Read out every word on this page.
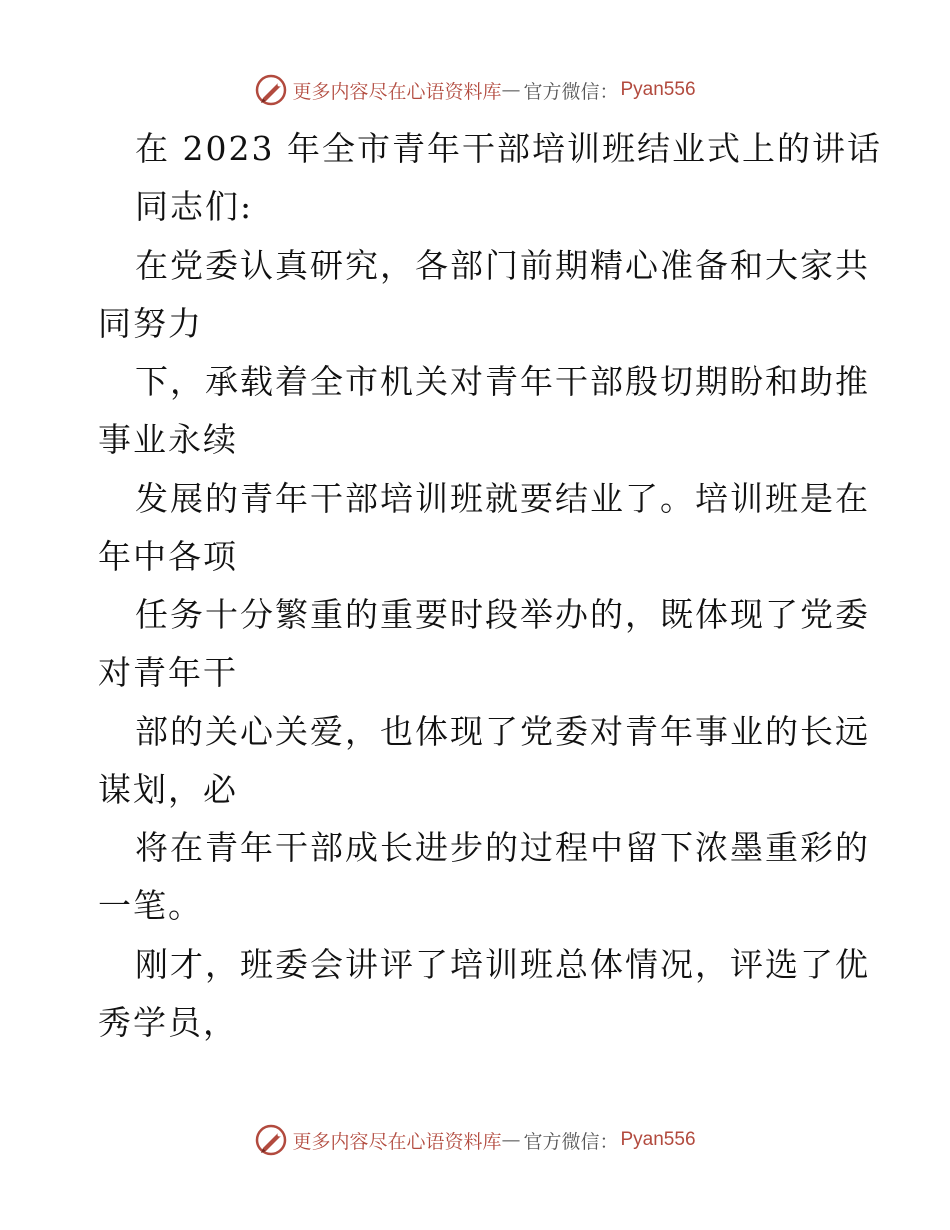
更多内容尽在心语资料库 — 官方微信： Pyan556
在 2023 年全市青年干部培训班结业式上的讲话
同志们:
在党委认真研究，各部门前期精心准备和大家共
同努力
下，承载着全市机关对青年干部殷切期盼和助推
事业永续
发展的青年干部培训班就要结业了。培训班是在
年中各项
任务十分繁重的重要时段举办的，既体现了党委
对青年干
部的关心关爱，也体现了党委对青年事业的长远
谋划，必
将在青年干部成长进步的过程中留下浓墨重彩的
一笔。
刚才，班委会讲评了培训班总体情况，评选了优
秀学员，
更多内容尽在心语资料库 — 官方微信： Pyan556
